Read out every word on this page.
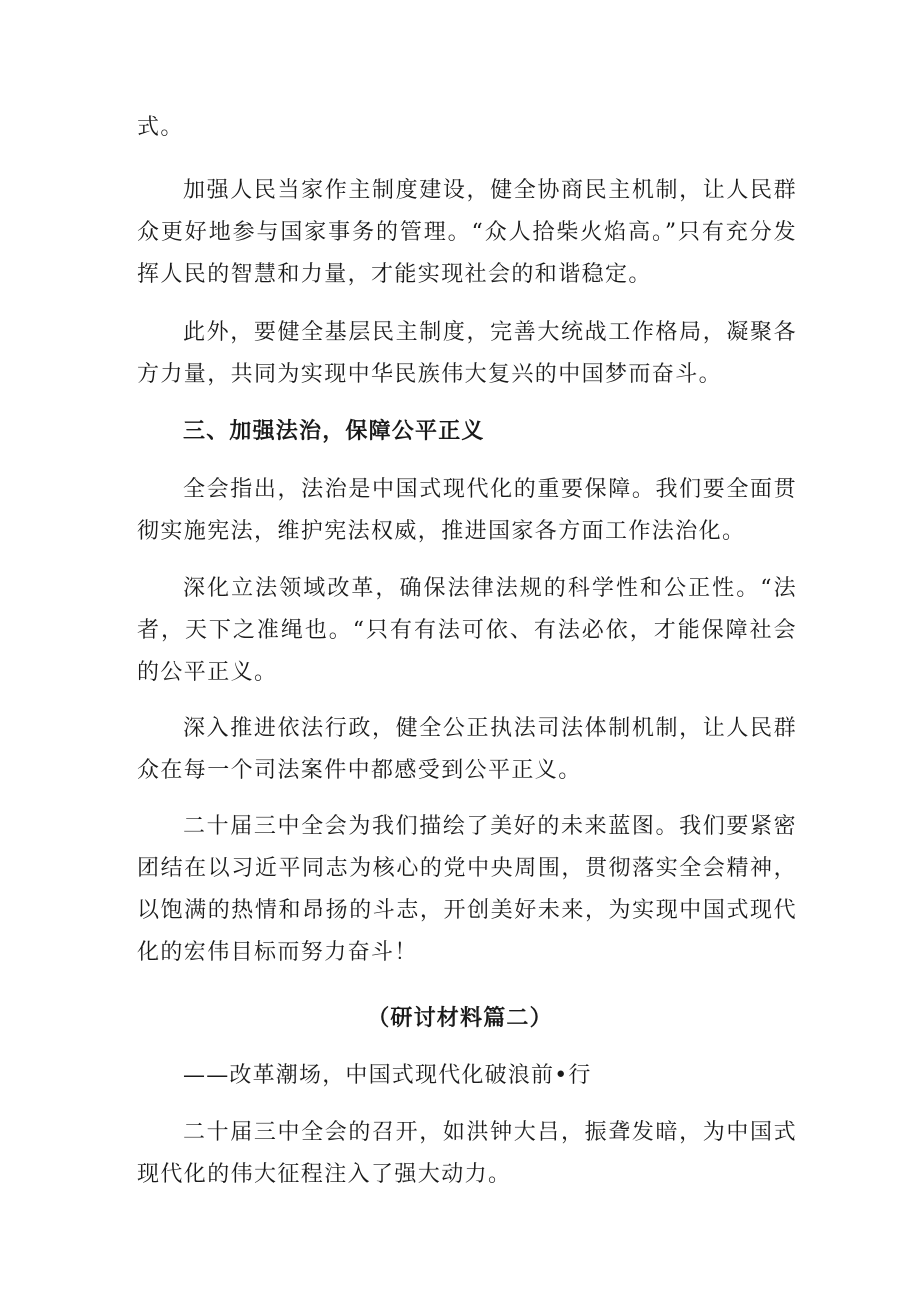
式。

加强人民当家作主制度建设，健全协商民主机制，让人民群众更好地参与国家事务的管理。“众人拾柴火焰高。”只有充分发挥人民的智慧和力量，才能实现社会的和谐稳定。

此外，要健全基层民主制度，完善大统战工作格局，凝聚各方力量，共同为实现中华民族伟大复兴的中国梦而奋斗。

三、加强法治，保障公平正义

全会指出，法治是中国式现代化的重要保障。我们要全面贯彻实施宪法，维护宪法权威，推进国家各方面工作法治化。

深化立法领域改革，确保法律法规的科学性和公正性。“法者，天下之准绳也。“只有有法可依、有法必依，才能保障社会的公平正义。

深入推进依法行政，健全公正执法司法体制机制，让人民群众在每一个司法案件中都感受到公平正义。

二十届三中全会为我们描绘了美好的未来蓝图。我们要紧密团结在以习近平同志为核心的党中央周围，贯彻落实全会精神，以饱满的热情和昂扬的斗志，开创美好未来，为实现中国式现代化的宏伟目标而努力奋斗！

（研讨材料篇二）

——改革潮场，中国式现代化破浪前•行

二十届三中全会的召开，如洪钟大吕，振聋发暗，为中国式现代化的伟大征程注入了强大动力。
